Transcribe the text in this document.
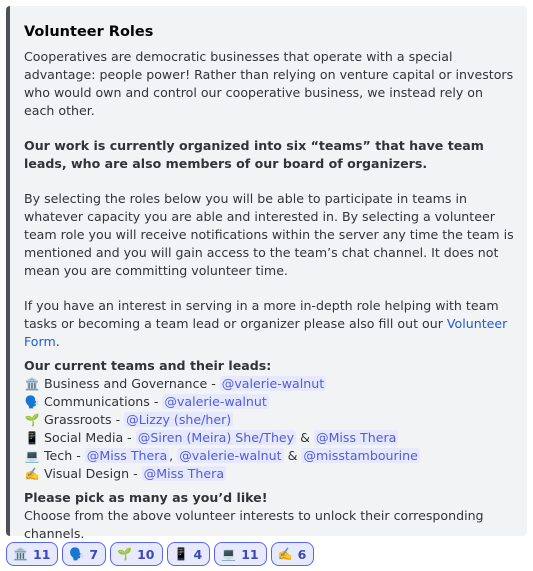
Volunteer Roles

Cooperatives are democratic businesses that operate with a special advantage: people power! Rather than relying on venture capital or investors who would own and control our cooperative business, we instead rely on each other.

Our work is currently organized into six “teams” that have team leads, who are also members of our board of organizers.

By selecting the roles below you will be able to participate in teams in whatever capacity you are able and interested in. By selecting a volunteer team role you will receive notifications within the server any time the team is mentioned and you will gain access to the team’s chat channel. It does not mean you are committing volunteer time.

If you have an interest in serving in a more in-depth role helping with team tasks or becoming a team lead or organizer please also fill out our Volunteer Form.

Our current teams and their leads:

🏛️ Business and Governance - @valerie-walnut
🗣️ Communications - @valerie-walnut
🌱 Grassroots - @Lizzy (she/her)
📱 Social Media - @Siren (Meira) She/They & @Miss Thera
💻 Tech - @Miss Thera , @valerie-walnut & @misstambourine
✍️ Visual Design - @Miss Thera

Please pick as many as you’d like!

Choose from the above volunteer interests to unlock their corresponding channels.

🏛️ 11 🗣️ 7 🌱 10 📱 4 💻 11 ✍️ 6
